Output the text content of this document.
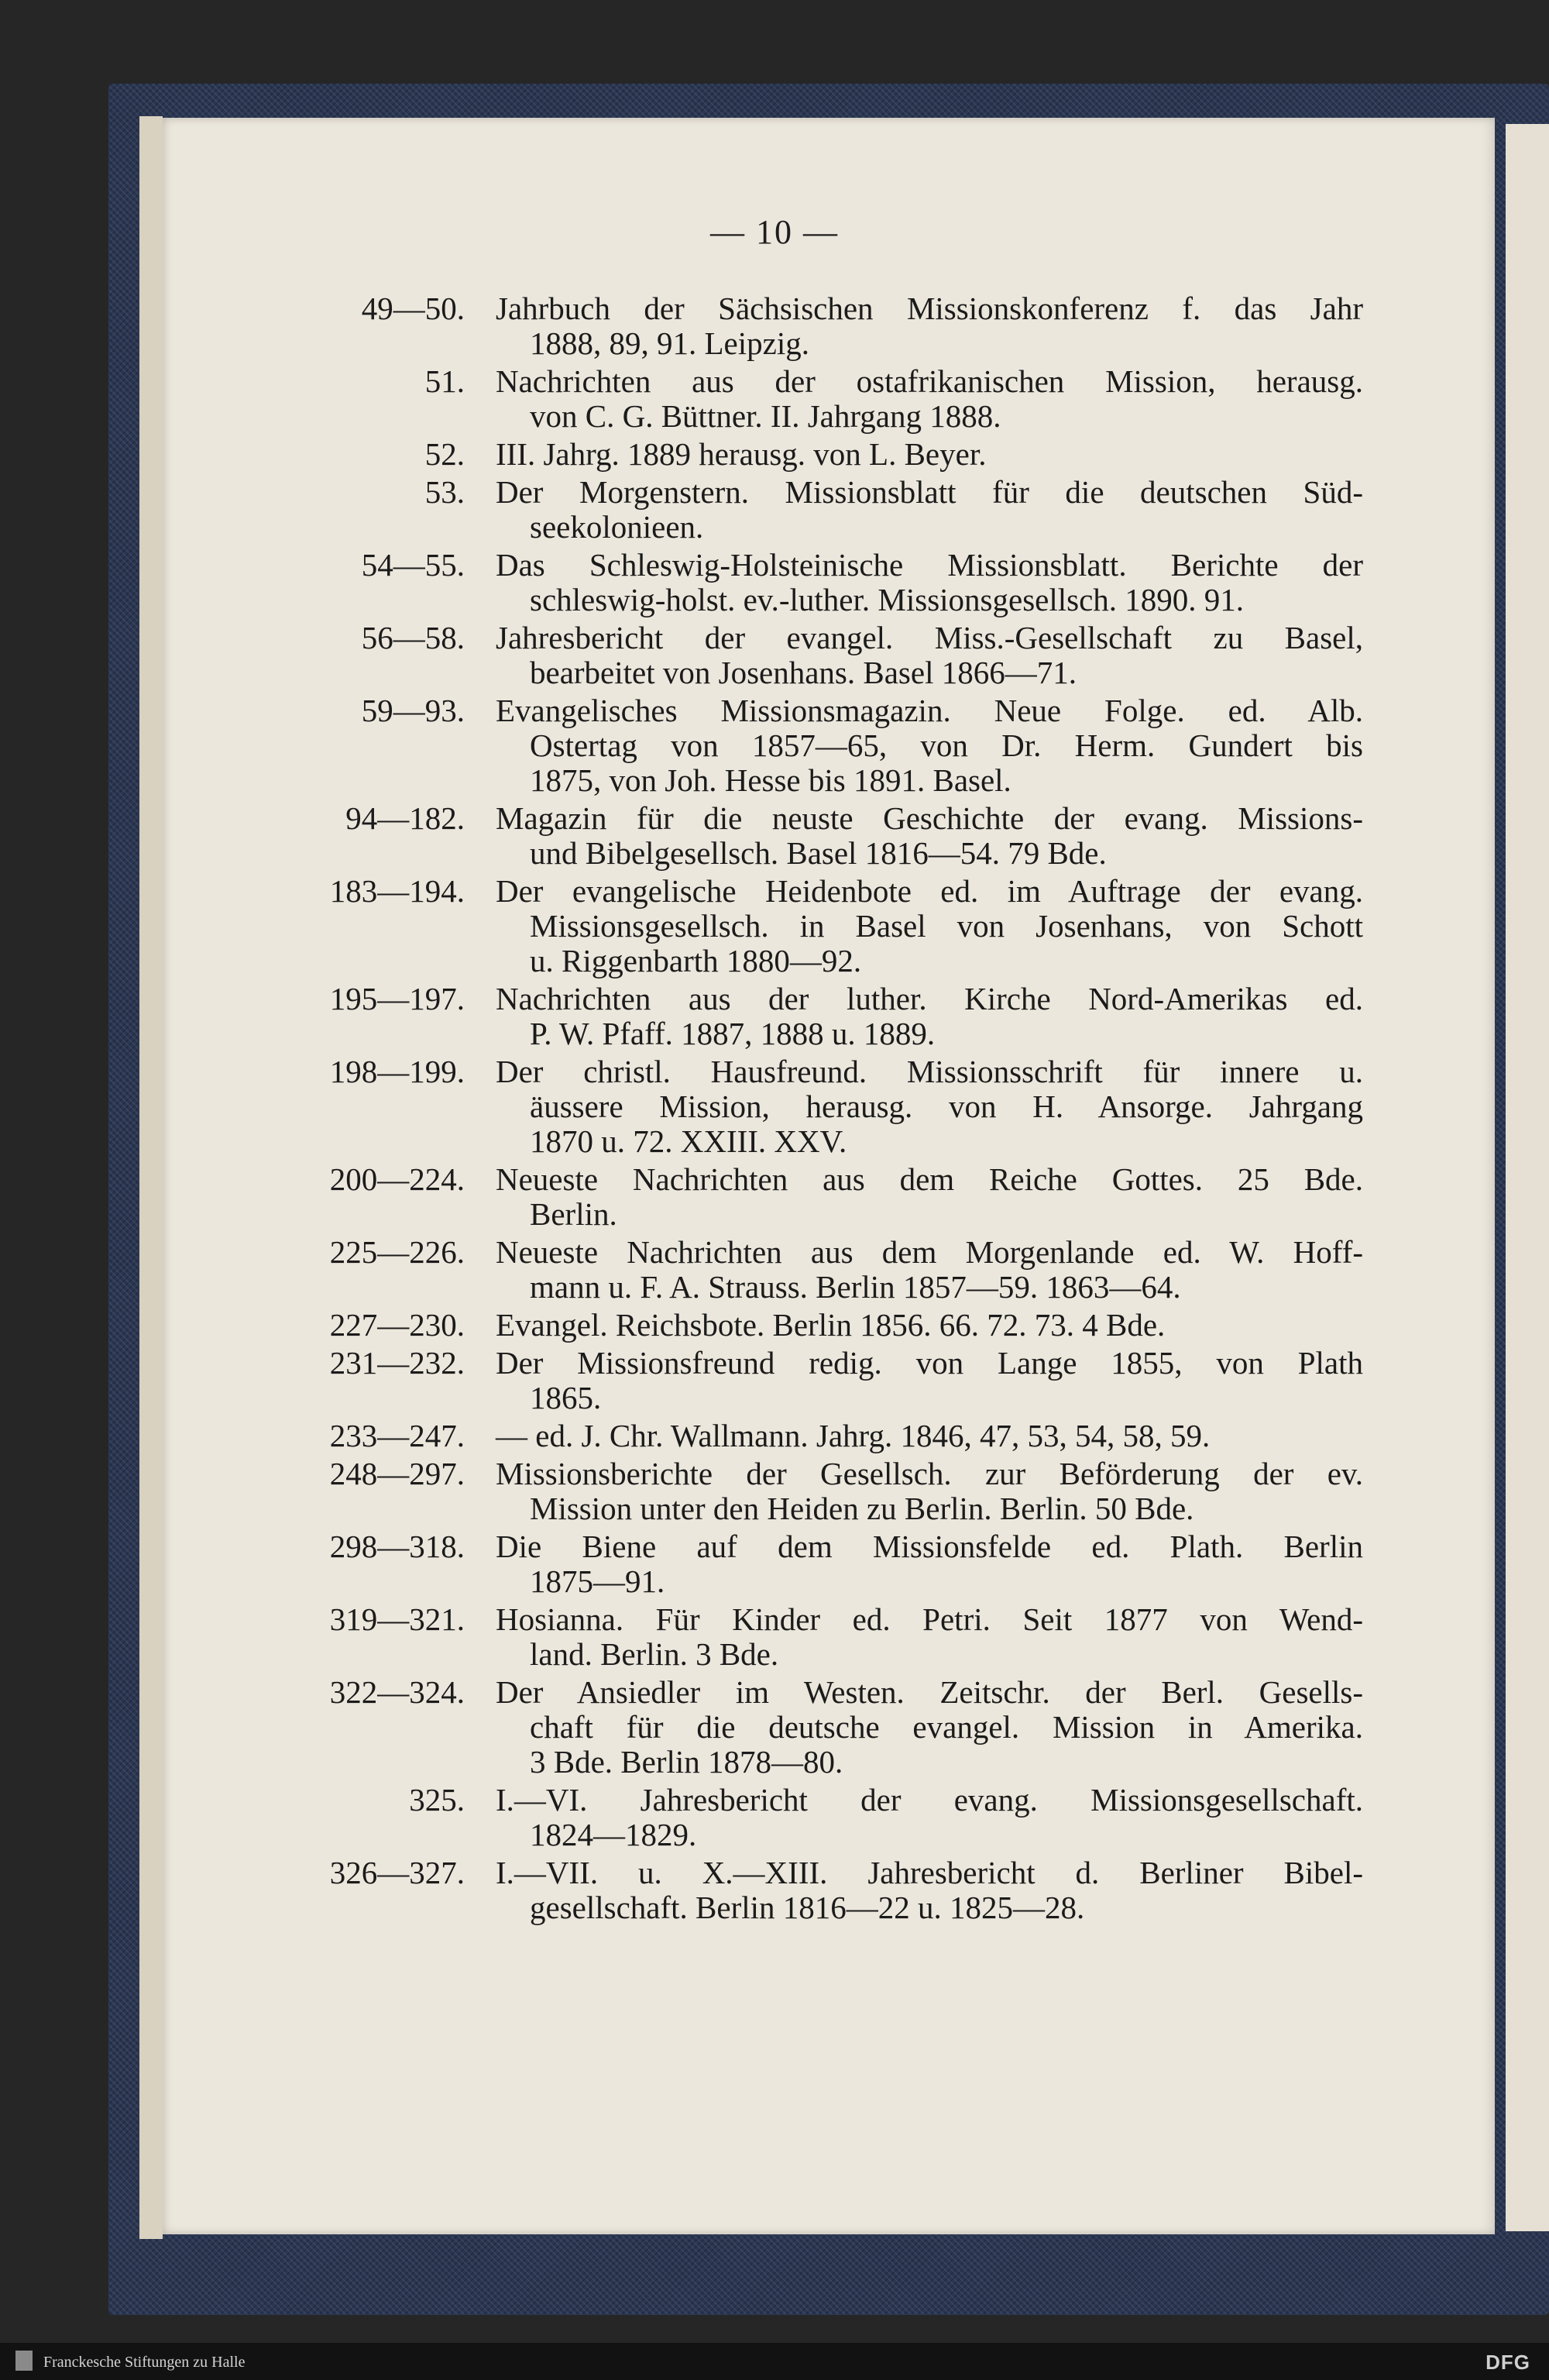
— 10 —
49—50. Jahrbuch der Sächsischen Missionskonferenz f. das Jahr
1888, 89, 91. Leipzig.
51. Nachrichten aus der ostafrikanischen Mission, herausg.
von C. G. Büttner. II. Jahrgang 1888.
52. III. Jahrg. 1889 herausg. von L. Beyer.
53. Der Morgenstern. Missionsblatt für die deutschen Süd-
seekolonieen.
54—55. Das Schleswig-Holsteinische Missionsblatt. Berichte der
schleswig-holst. ev.-luther. Missionsgesellsch. 1890. 91.
56—58. Jahresbericht der evangel. Miss.-Gesellschaft zu Basel,
bearbeitet von Josenhans. Basel 1866—71.
59—93. Evangelisches Missionsmagazin. Neue Folge. ed. Alb.
Ostertag von 1857—65, von Dr. Herm. Gundert bis
1875, von Joh. Hesse bis 1891. Basel.
94—182. Magazin für die neuste Geschichte der evang. Missions-
und Bibelgesellsch. Basel 1816—54. 79 Bde.
183—194. Der evangelische Heidenbote ed. im Auftrage der evang.
Missionsgesellsch. in Basel von Josenhans, von Schott
u. Riggenbarth 1880—92.
195—197. Nachrichten aus der luther. Kirche Nord-Amerikas ed.
P. W. Pfaff. 1887, 1888 u. 1889.
198—199. Der christl. Hausfreund. Missionsschrift für innere u.
äussere Mission, herausg. von H. Ansorge. Jahrgang
1870 u. 72. XXIII. XXV.
200—224. Neueste Nachrichten aus dem Reiche Gottes. 25 Bde.
Berlin.
225—226. Neueste Nachrichten aus dem Morgenlande ed. W. Hoff-
mann u. F. A. Strauss. Berlin 1857—59. 1863—64.
227—230. Evangel. Reichsbote. Berlin 1856. 66. 72. 73. 4 Bde.
231—232. Der Missionsfreund redig. von Lange 1855, von Plath
1865.
233—247. — ed. J. Chr. Wallmann. Jahrg. 1846, 47, 53, 54, 58, 59.
248—297. Missionsberichte der Gesellsch. zur Beförderung der ev.
Mission unter den Heiden zu Berlin. Berlin. 50 Bde.
298—318. Die Biene auf dem Missionsfelde ed. Plath. Berlin
1875—91.
319—321. Hosianna. Für Kinder ed. Petri. Seit 1877 von Wend-
land. Berlin. 3 Bde.
322—324. Der Ansiedler im Westen. Zeitschr. der Berl. Gesells-
chaft für die deutsche evangel. Mission in Amerika.
3 Bde. Berlin 1878—80.
325. I.—VI. Jahresbericht der evang. Missionsgesellschaft.
1824—1829.
326—327. I.—VII. u. X.—XIII. Jahresbericht d. Berliner Bibel-
gesellschaft. Berlin 1816—22 u. 1825—28.
Franckesche Stiftungen zu Halle	DFG
